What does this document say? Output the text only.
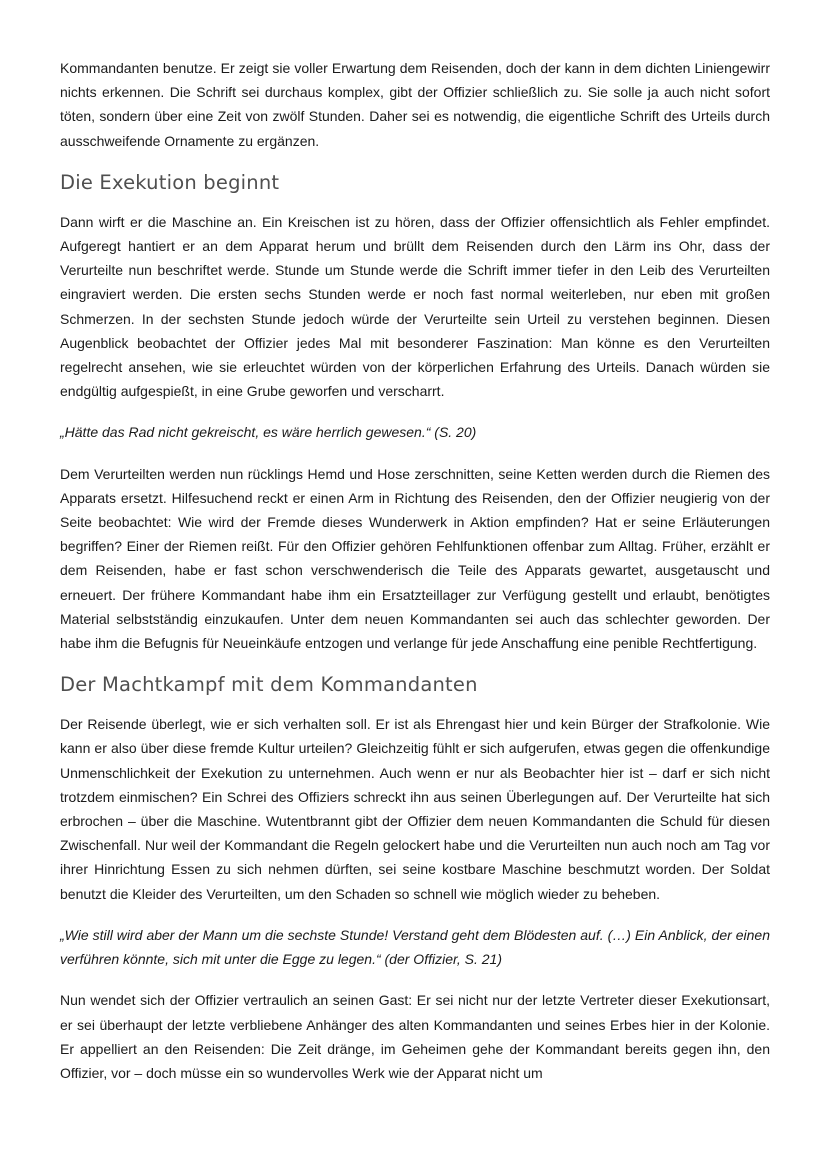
Kommandanten benutze. Er zeigt sie voller Erwartung dem Reisenden, doch der kann in dem dichten Liniengewirr nichts erkennen. Die Schrift sei durchaus komplex, gibt der Offizier schließlich zu. Sie solle ja auch nicht sofort töten, sondern über eine Zeit von zwölf Stunden. Daher sei es notwendig, die eigentliche Schrift des Urteils durch ausschweifende Ornamente zu ergänzen.

Die Exekution beginnt

Dann wirft er die Maschine an. Ein Kreischen ist zu hören, dass der Offizier offensichtlich als Fehler empfindet. Aufgeregt hantiert er an dem Apparat herum und brüllt dem Reisenden durch den Lärm ins Ohr, dass der Verurteilte nun beschriftet werde. Stunde um Stunde werde die Schrift immer tiefer in den Leib des Verurteilten eingraviert werden. Die ersten sechs Stunden werde er noch fast normal weiterleben, nur eben mit großen Schmerzen. In der sechsten Stunde jedoch würde der Verurteilte sein Urteil zu verstehen beginnen. Diesen Augenblick beobachtet der Offizier jedes Mal mit besonderer Faszination: Man könne es den Verurteilten regelrecht ansehen, wie sie erleuchtet würden von der körperlichen Erfahrung des Urteils. Danach würden sie endgültig aufgespießt, in eine Grube geworfen und verscharrt.

„Hätte das Rad nicht gekreischt, es wäre herrlich gewesen.“ (S. 20)

Dem Verurteilten werden nun rücklings Hemd und Hose zerschnitten, seine Ketten werden durch die Riemen des Apparats ersetzt. Hilfesuchend reckt er einen Arm in Richtung des Reisenden, den der Offizier neugierig von der Seite beobachtet: Wie wird der Fremde dieses Wunderwerk in Aktion empfinden? Hat er seine Erläuterungen begriffen? Einer der Riemen reißt. Für den Offizier gehören Fehlfunktionen offenbar zum Alltag. Früher, erzählt er dem Reisenden, habe er fast schon verschwenderisch die Teile des Apparats gewartet, ausgetauscht und erneuert. Der frühere Kommandant habe ihm ein Ersatzteillager zur Verfügung gestellt und erlaubt, benötigtes Material selbstständig einzukaufen. Unter dem neuen Kommandanten sei auch das schlechter geworden. Der habe ihm die Befugnis für Neueinkäufe entzogen und verlange für jede Anschaffung eine penible Rechtfertigung.

Der Machtkampf mit dem Kommandanten

Der Reisende überlegt, wie er sich verhalten soll. Er ist als Ehrengast hier und kein Bürger der Strafkolonie. Wie kann er also über diese fremde Kultur urteilen? Gleichzeitig fühlt er sich aufgerufen, etwas gegen die offenkundige Unmenschlichkeit der Exekution zu unternehmen. Auch wenn er nur als Beobachter hier ist – darf er sich nicht trotzdem einmischen? Ein Schrei des Offiziers schreckt ihn aus seinen Überlegungen auf. Der Verurteilte hat sich erbrochen – über die Maschine. Wutentbrannt gibt der Offizier dem neuen Kommandanten die Schuld für diesen Zwischenfall. Nur weil der Kommandant die Regeln gelockert habe und die Verurteilten nun auch noch am Tag vor ihrer Hinrichtung Essen zu sich nehmen dürften, sei seine kostbare Maschine beschmutzt worden. Der Soldat benutzt die Kleider des Verurteilten, um den Schaden so schnell wie möglich wieder zu beheben.

„Wie still wird aber der Mann um die sechste Stunde! Verstand geht dem Blödesten auf. (…) Ein Anblick, der einen verführen könnte, sich mit unter die Egge zu legen.“ (der Offizier, S. 21)

Nun wendet sich der Offizier vertraulich an seinen Gast: Er sei nicht nur der letzte Vertreter dieser Exekutionsart, er sei überhaupt der letzte verbliebene Anhänger des alten Kommandanten und seines Erbes hier in der Kolonie. Er appelliert an den Reisenden: Die Zeit dränge, im Geheimen gehe der Kommandant bereits gegen ihn, den Offizier, vor – doch müsse ein so wundervolles Werk wie der Apparat nicht um
